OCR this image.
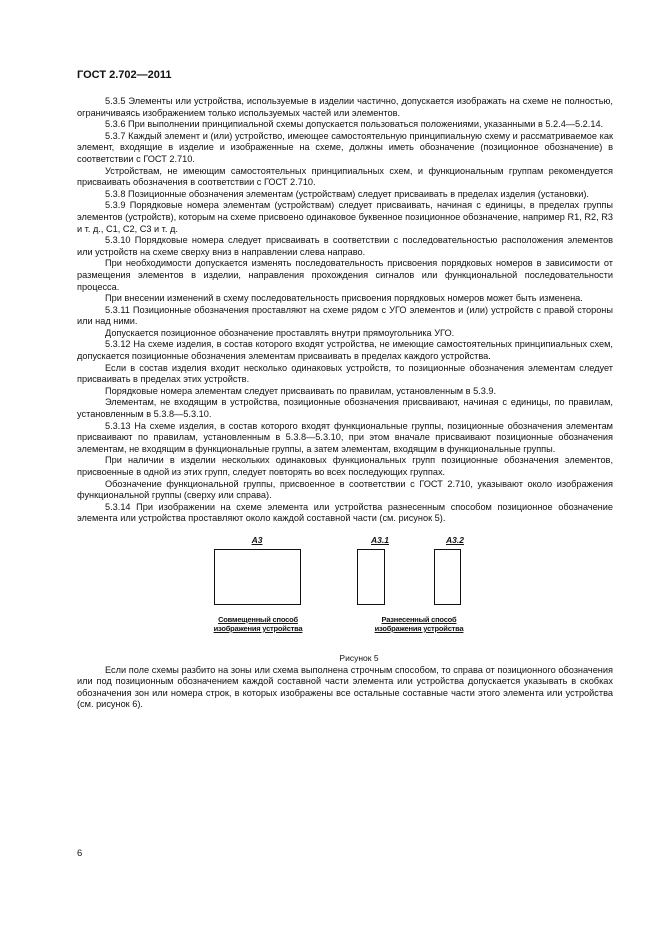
ГОСТ 2.702—2011

5.3.5 Элементы или устройства, используемые в изделии частично, допускается изображать на схеме не полностью, ограничиваясь изображением только используемых частей или элементов.

5.3.6 При выполнении принципиальной схемы допускается пользоваться положениями, указанными в 5.2.4—5.2.14.

5.3.7 Каждый элемент и (или) устройство, имеющее самостоятельную принципиальную схему и рассматриваемое как элемент, входящие в изделие и изображенные на схеме, должны иметь обозначение (позиционное обозначение) в соответствии с ГОСТ 2.710.

Устройствам, не имеющим самостоятельных принципиальных схем, и функциональным группам рекомендуется присваивать обозначения в соответствии с ГОСТ 2.710.

5.3.8 Позиционные обозначения элементам (устройствам) следует присваивать в пределах изделия (установки).

5.3.9 Порядковые номера элементам (устройствам) следует присваивать, начиная с единицы, в пределах группы элементов (устройств), которым на схеме присвоено одинаковое буквенное позиционное обозначение, например R1, R2, R3 и т. д., C1, C2, C3 и т. д.

5.3.10 Порядковые номера следует присваивать в соответствии с последовательностью расположения элементов или устройств на схеме сверху вниз в направлении слева направо.

При необходимости допускается изменять последовательность присвоения порядковых номеров в зависимости от размещения элементов в изделии, направления прохождения сигналов или функциональной последовательности процесса.

При внесении изменений в схему последовательность присвоения порядковых номеров может быть изменена.

5.3.11 Позиционные обозначения проставляют на схеме рядом с УГО элементов и (или) устройств с правой стороны или над ними.

Допускается позиционное обозначение проставлять внутри прямоугольника УГО.

5.3.12 На схеме изделия, в состав которого входят устройства, не имеющие самостоятельных принципиальных схем, допускается позиционные обозначения элементам присваивать в пределах каждого устройства.

Если в состав изделия входит несколько одинаковых устройств, то позиционные обозначения элементам следует присваивать в пределах этих устройств.

Порядковые номера элементам следует присваивать по правилам, установленным в 5.3.9.

Элементам, не входящим в устройства, позиционные обозначения присваивают, начиная с единицы, по правилам, установленным в 5.3.8—5.3.10.

5.3.13 На схеме изделия, в состав которого входят функциональные группы, позиционные обозначения элементам присваивают по правилам, установленным в 5.3.8—5.3.10, при этом вначале присваивают позиционные обозначения элементам, не входящим в функциональные группы, а затем элементам, входящим в функциональные группы.

При наличии в изделии нескольких одинаковых функциональных групп позиционные обозначения элементов, присвоенные в одной из этих групп, следует повторять во всех последующих группах.

Обозначение функциональной группы, присвоенное в соответствии с ГОСТ 2.710, указывают около изображения функциональной группы (сверху или справа).

5.3.14 При изображении на схеме элемента или устройства разнесенным способом позиционное обозначение элемента или устройства проставляют около каждой составной части (см. рисунок 5).

А3
Совмещенный способ изображения устройства
А3.1	А3.2
Разнесенный способ изображения устройства

Рисунок 5

Если поле схемы разбито на зоны или схема выполнена строчным способом, то справа от позиционного обозначения или под позиционным обозначением каждой составной части элемента или устройства допускается указывать в скобках обозначения зон или номера строк, в которых изображены все остальные составные части этого элемента или устройства (см. рисунок 6).

6
